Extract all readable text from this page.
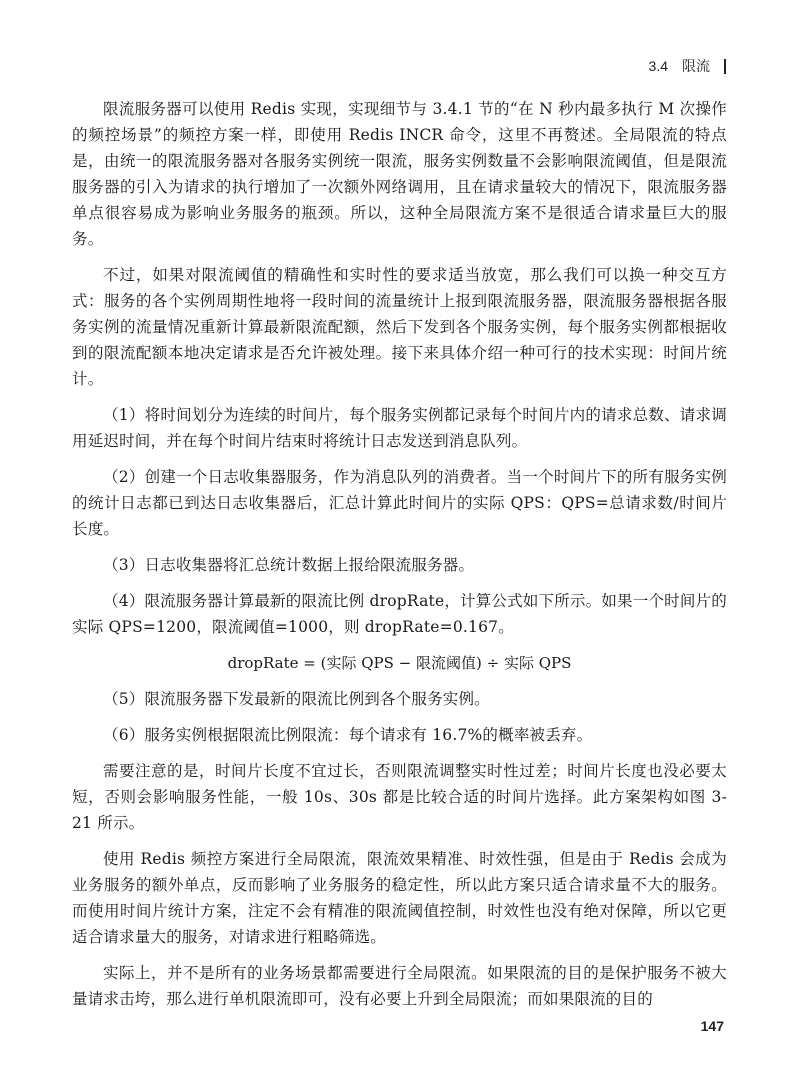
3.4 限流

限流服务器可以使用 Redis 实现，实现细节与 3.4.1 节的“在 N 秒内最多执行 M 次操作的频控场景”的频控方案一样，即使用 Redis INCR 命令，这里不再赘述。全局限流的特点是，由统一的限流服务器对各服务实例统一限流，服务实例数量不会影响限流阈值，但是限流服务器的引入为请求的执行增加了一次额外网络调用，且在请求量较大的情况下，限流服务器单点很容易成为影响业务服务的瓶颈。所以，这种全局限流方案不是很适合请求量巨大的服务。

不过，如果对限流阈值的精确性和实时性的要求适当放宽，那么我们可以换一种交互方式：服务的各个实例周期性地将一段时间的流量统计上报到限流服务器，限流服务器根据各服务实例的流量情况重新计算最新限流配额，然后下发到各个服务实例，每个服务实例都根据收到的限流配额本地决定请求是否允许被处理。接下来具体介绍一种可行的技术实现：时间片统计。

（1）将时间划分为连续的时间片，每个服务实例都记录每个时间片内的请求总数、请求调用延迟时间，并在每个时间片结束时将统计日志发送到消息队列。

（2）创建一个日志收集器服务，作为消息队列的消费者。当一个时间片下的所有服务实例的统计日志都已到达日志收集器后，汇总计算此时间片的实际 QPS：QPS=总请求数/时间片长度。

（3）日志收集器将汇总统计数据上报给限流服务器。

（4）限流服务器计算最新的限流比例 dropRate，计算公式如下所示。如果一个时间片的实际 QPS=1200，限流阈值=1000，则 dropRate=0.167。

dropRate = (实际 QPS − 限流阈值) ÷ 实际 QPS

（5）限流服务器下发最新的限流比例到各个服务实例。

（6）服务实例根据限流比例限流：每个请求有 16.7%的概率被丢弃。

需要注意的是，时间片长度不宜过长，否则限流调整实时性过差；时间片长度也没必要太短，否则会影响服务性能，一般 10s、30s 都是比较合适的时间片选择。此方案架构如图 3-21 所示。

使用 Redis 频控方案进行全局限流，限流效果精准、时效性强，但是由于 Redis 会成为业务服务的额外单点，反而影响了业务服务的稳定性，所以此方案只适合请求量不大的服务。而使用时间片统计方案，注定不会有精准的限流阈值控制，时效性也没有绝对保障，所以它更适合请求量大的服务，对请求进行粗略筛选。

实际上，并不是所有的业务场景都需要进行全局限流。如果限流的目的是保护服务不被大量请求击垮，那么进行单机限流即可，没有必要上升到全局限流；而如果限流的目的

147
